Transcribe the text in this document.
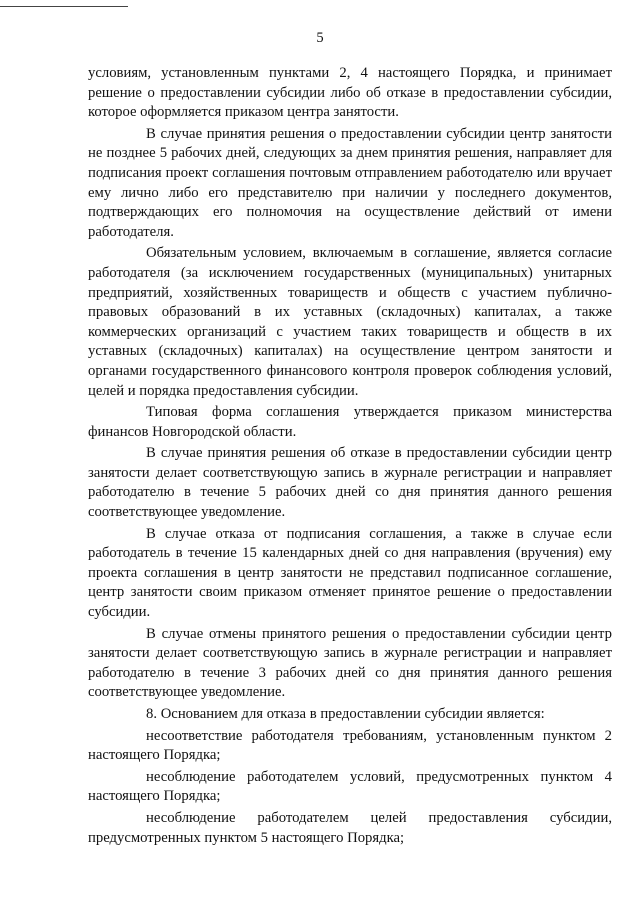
5

условиям, установленным пунктами 2, 4 настоящего Порядка, и принимает решение о предоставлении субсидии либо об отказе в предоставлении субсидии, которое оформляется приказом центра занятости.

В случае принятия решения о предоставлении субсидии центр занятости не позднее 5 рабочих дней, следующих за днем принятия решения, направляет для подписания проект соглашения почтовым отправлением работодателю или вручает ему лично либо его представителю при наличии у последнего документов, подтверждающих его полномочия на осуществление действий от имени работодателя.

Обязательным условием, включаемым в соглашение, является согласие работодателя (за исключением государственных (муниципальных) унитарных предприятий, хозяйственных товариществ и обществ с участием публично-правовых образований в их уставных (складочных) капиталах, а также коммерческих организаций с участием таких товариществ и обществ в их уставных (складочных) капиталах) на осуществление центром занятости и органами государственного финансового контроля проверок соблюдения условий, целей и порядка предоставления субсидии.

Типовая форма соглашения утверждается приказом министерства финансов Новгородской области.

В случае принятия решения об отказе в предоставлении субсидии центр занятости делает соответствующую запись в журнале регистрации и направляет работодателю в течение 5 рабочих дней со дня принятия данного решения соответствующее уведомление.

В случае отказа от подписания соглашения, а также в случае если работодатель в течение 15 календарных дней со дня направления (вручения) ему проекта соглашения в центр занятости не представил подписанное соглашение, центр занятости своим приказом отменяет принятое решение о предоставлении субсидии.

В случае отмены принятого решения о предоставлении субсидии центр занятости делает соответствующую запись в журнале регистрации и направляет работодателю в течение 3 рабочих дней со дня принятия данного решения соответствующее уведомление.

8. Основанием для отказа в предоставлении субсидии является:

несоответствие работодателя требованиям, установленным пунктом 2 настоящего Порядка;

несоблюдение работодателем условий, предусмотренных пунктом 4 настоящего Порядка;

несоблюдение работодателем целей предоставления субсидии, предусмотренных пунктом 5 настоящего Порядка;
